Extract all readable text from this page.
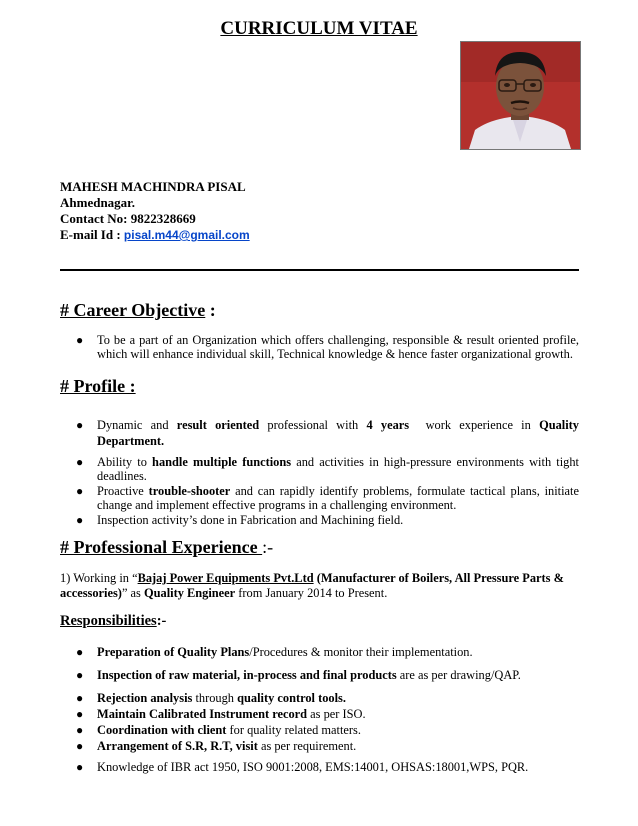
CURRICULUM VITAE
MAHESH MACHINDRA PISAL
Ahmednagar.
Contact No: 9822328669
E-mail Id : pisal.m44@gmail.com
# Career Objective :
● To be a part of an Organization which offers challenging, responsible & result oriented profile, which will enhance individual skill, Technical knowledge & hence faster organizational growth.
# Profile :
● Dynamic and result oriented professional with 4 years  work experience in Quality Department.
● Ability to handle multiple functions and activities in high-pressure environments with tight deadlines.
● Proactive trouble-shooter and can rapidly identify problems, formulate tactical plans, initiate change and implement effective programs in a challenging environment.
● Inspection activity’s done in Fabrication and Machining field.
# Professional Experience :-
1) Working in “Bajaj Power Equipments Pvt.Ltd (Manufacturer of Boilers, All Pressure Parts & accessories)” as Quality Engineer from January 2014 to Present.
Responsibilities:-
● Preparation of Quality Plans/Procedures & monitor their implementation.
● Inspection of raw material, in-process and final products are as per drawing/QAP.
● Rejection analysis through quality control tools.
● Maintain Calibrated Instrument record as per ISO.
● Coordination with client for quality related matters.
● Arrangement of S.R, R.T, visit as per requirement.
● Knowledge of IBR act 1950, ISO 9001:2008, EMS:14001, OHSAS:18001,WPS, PQR.
